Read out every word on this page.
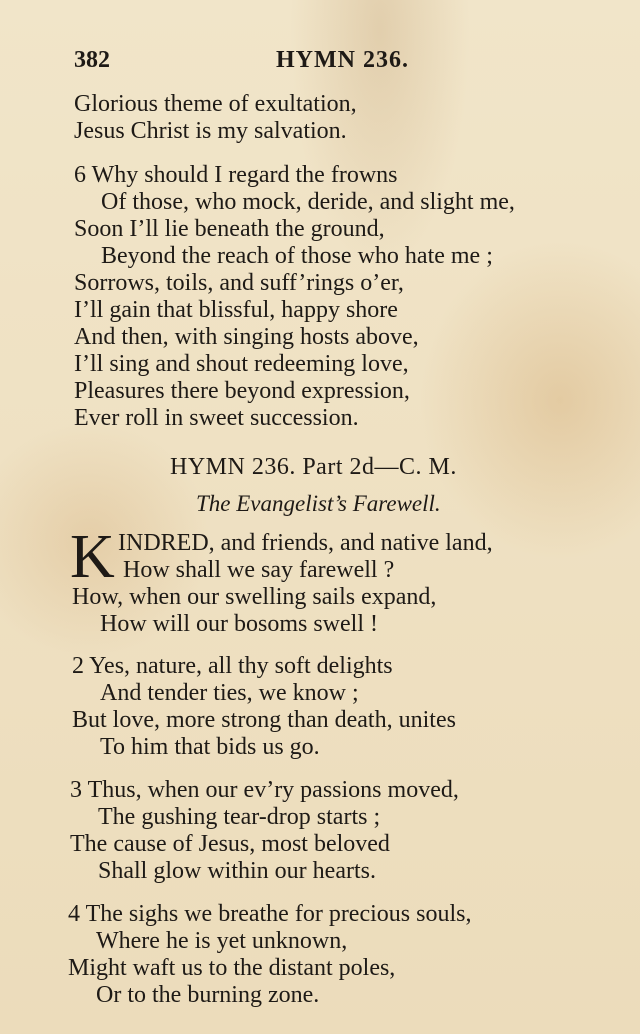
382	HYMN 236.
Glorious theme of exultation,
Jesus Christ is my salvation.
6 Why should I regard the frowns
Of those, who mock, deride, and slight me,
Soon I’ll lie beneath the ground,
Beyond the reach of those who hate me ;
Sorrows, toils, and suff’rings o’er,
I’ll gain that blissful, happy shore
And then, with singing hosts above,
I’ll sing and shout redeeming love,
Pleasures there beyond expression,
Ever roll in sweet succession.
HYMN 236. Part 2d—C. M.
The Evangelist’s Farewell.
K INDRED, and friends, and native land,
How shall we say farewell ?
How, when our swelling sails expand,
How will our bosoms swell !
2 Yes, nature, all thy soft delights
And tender ties, we know ;
But love, more strong than death, unites
To him that bids us go.
3 Thus, when our ev’ry passions moved,
The gushing tear-drop starts ;
The cause of Jesus, most beloved
Shall glow within our hearts.
4 The sighs we breathe for precious souls,
Where he is yet unknown,
Might waft us to the distant poles,
Or to the burning zone.
